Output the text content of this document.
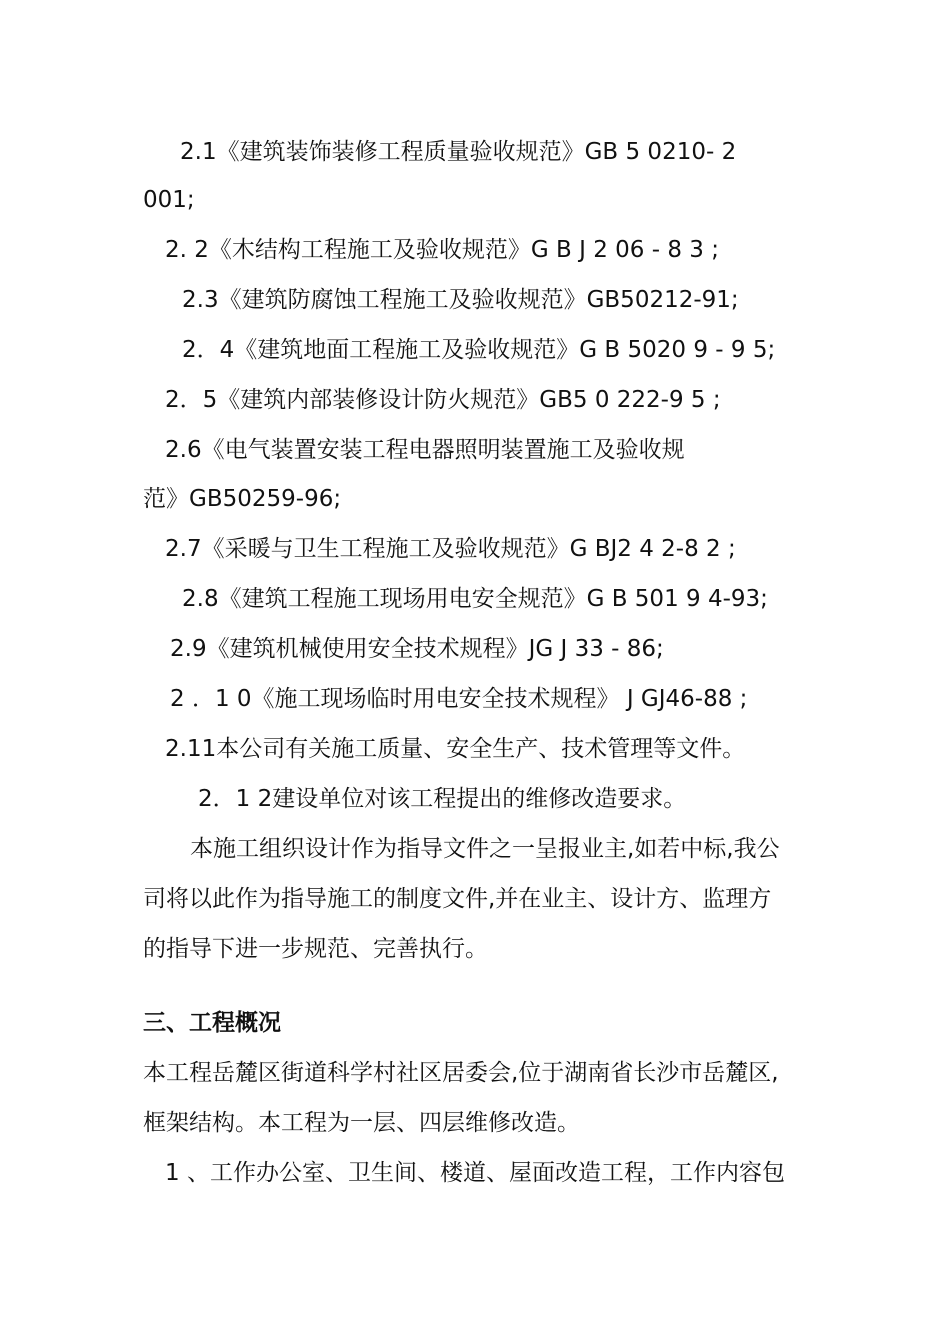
2.1《建筑装饰装修工程质量验收规范》GB 5 0210- 2
001;
2. 2《木结构工程施工及验收规范》G B J 2 06 - 8 3 ;
2.3《建筑防腐蚀工程施工及验收规范》GB50212-91;
2．4《建筑地面工程施工及验收规范》G B 5020 9 - 9 5;
2．5《建筑内部装修设计防火规范》GB5 0 222-9 5 ;
2.6《电气装置安装工程电器照明装置施工及验收规
范》GB50259-96;
2.7《采暖与卫生工程施工及验收规范》G BJ2 4 2-8 2 ;
2.8《建筑工程施工现场用电安全规范》G B 501 9 4-93;
2.9《建筑机械使用安全技术规程》JG J 33 - 86;
2 ．1 0《施工现场临时用电安全技术规程》 J GJ46-88 ;
2.11本公司有关施工质量、安全生产、技术管理等文件。
2．1 2建设单位对该工程提出的维修改造要求。
本施工组织设计作为指导文件之一呈报业主,如若中标,我公
司将以此作为指导施工的制度文件,并在业主、设计方、监理方
的指导下进一步规范、完善执行。
三、工程概况
本工程岳麓区街道科学村社区居委会,位于湖南省长沙市岳麓区,
框架结构。本工程为一层、四层维修改造。
1 、工作办公室、卫生间、楼道、屋面改造工程，工作内容包
